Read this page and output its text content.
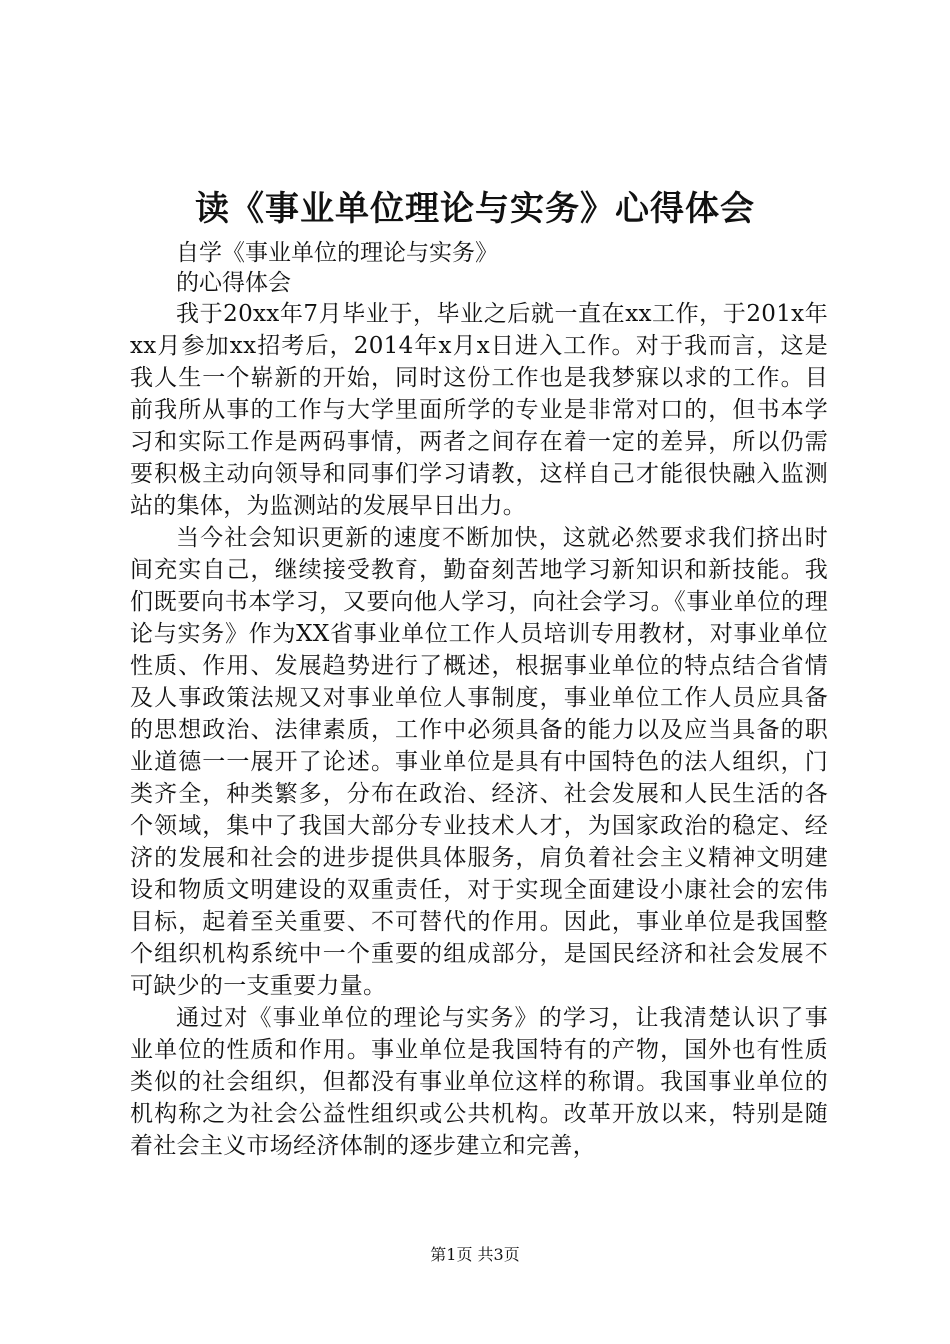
读《事业单位理论与实务》心得体会

自学《事业单位的理论与实务》

的心得体会

我于20xx年7月毕业于，毕业之后就一直在xx工作，于201x年xx月参加xx招考后，2014年x月x日进入工作。对于我而言，这是我人生一个崭新的开始，同时这份工作也是我梦寐以求的工作。目前我所从事的工作与大学里面所学的专业是非常对口的，但书本学习和实际工作是两码事情，两者之间存在着一定的差异，所以仍需要积极主动向领导和同事们学习请教，这样自己才能很快融入监测站的集体，为监测站的发展早日出力。

当今社会知识更新的速度不断加快，这就必然要求我们挤出时间充实自己，继续接受教育，勤奋刻苦地学习新知识和新技能。我们既要向书本学习，又要向他人学习，向社会学习。《事业单位的理论与实务》作为XX省事业单位工作人员培训专用教材，对事业单位性质、作用、发展趋势进行了概述，根据事业单位的特点结合省情及人事政策法规又对事业单位人事制度，事业单位工作人员应具备的思想政治、法律素质，工作中必须具备的能力以及应当具备的职业道德一一展开了论述。事业单位是具有中国特色的法人组织，门类齐全，种类繁多，分布在政治、经济、社会发展和人民生活的各个领域，集中了我国大部分专业技术人才，为国家政治的稳定、经济的发展和社会的进步提供具体服务，肩负着社会主义精神文明建设和物质文明建设的双重责任，对于实现全面建设小康社会的宏伟目标，起着至关重要、不可替代的作用。因此，事业单位是我国整个组织机构系统中一个重要的组成部分，是国民经济和社会发展不可缺少的一支重要力量。

通过对《事业单位的理论与实务》的学习，让我清楚认识了事业单位的性质和作用。事业单位是我国特有的产物，国外也有性质类似的社会组织，但都没有事业单位这样的称谓。我国事业单位的机构称之为社会公益性组织或公共机构。改革开放以来，特别是随着社会主义市场经济体制的逐步建立和完善，

第1页 共3页
